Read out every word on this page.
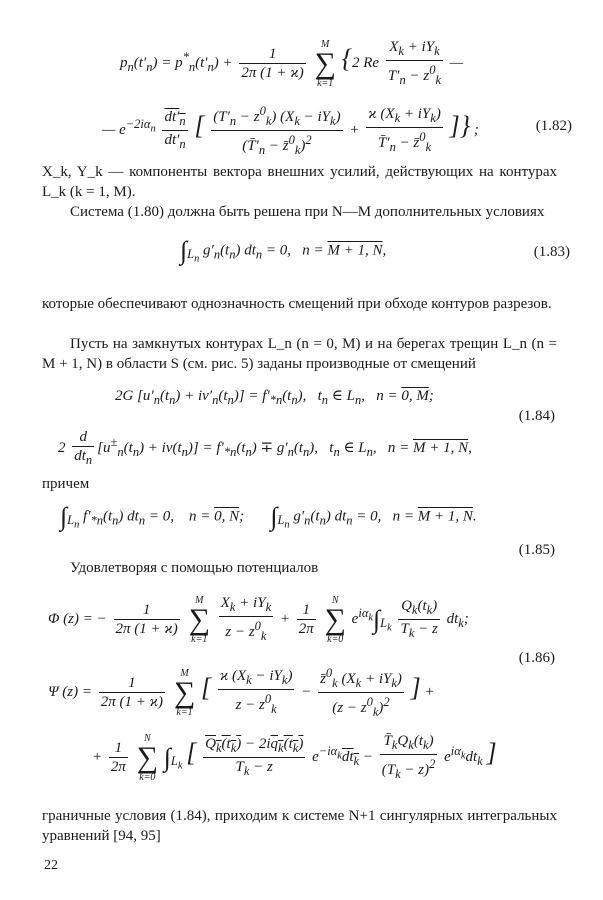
$p_n(t'_n) = p^*_n(t'_n) + \frac{1}{2\pi (1 + ϰ)}$

M
∑
k=1
{2 Re $\frac{X_k + iY_k}{T'_n - z^0_k}$ —
— $e^{-2i\alpha_n} \frac{dt'_n}{dt'_n}$ [ $\frac{(T'_n - z^0_k) (X_k - iY_k)}{(T̄'_n - z̄^0_k)^2} + \frac{ϰ (X_k + iY_k)}{T̄'_n - z̄^0_k}$ ]} ;	(1.82)
X_k, Y_k — компоненты вектора внешних усилий, действующих на контурах L_k (k = 1, M).
Система (1.80) должна быть решена при N—M дополнительных условиях
$\int_{L_n}$ $g'_n(t_n) dt_n = 0$,   n = M + 1, N,	(1.83)
которые обеспечивают однозначность смещений при обходе контуров разрезов.
Пусть на замкнутых контурах L_n (n = 0, M) и на берегах трещин L_n (n = M + 1, N) в области S (см. рис. 5) заданы производные от смещений
2G $[u'_n(t_n) + iv'_n(t_n)] = f'_{*n}(t_n)$,   $t_n$ ∈ $L_n$,   n = 0, M;
(1.84)
$2 \frac{d}{dt_n} [u^\pm_n(t_n) + iv(t_n)] = f'_{*n}(t_n) \mp g'_n(t_n)$,   $t_n$ ∈ $L_n$,   n = M + 1, N,
причем
$\int_{L_n}$ $f'_{*n}(t_n) dt_n = 0$,    n = 0, N;       $\int_{L_n}$ $g'_n(t_n) dt_n = 0$,   n = M + 1, N.
(1.85)
Удовлетворяя с помощью потенциалов
Φ (z) = − $\frac{1}{2\pi (1 + ϰ)}$

M
∑
k=1
$\frac{X_k + iY_k}{z - z^0_k} + \frac{1}{2\pi}$

N
∑
k=0
$e^{i\alpha_k}\int_{L_k} \frac{Q_k(t_k)}{T_k - z} dt_k$;
(1.86)
Ψ $(z) = \frac{1}{2\pi (1 + ϰ)}$

M
∑
k=1
[ $\frac{ϰ (X_k - iY_k)}{z - z^0_k} - \frac{z̄^0_k (X_k + iY_k)}{(z - z^0_k)^2}$ ] +
+ $\frac{1}{2\pi}$

N
∑
k=0
$\int_{L_k}$ [ $\frac{Q_k(t_k) - 2iq_k(t_k)}{T_k - z} e^{-i\alpha_k}dt_k - \frac{T̄_kQ_k(t_k)}{(T_k - z)^2} e^{i\alpha_k}dt_k$ ]
граничные условия (1.84), приходим к системе N+1 сингулярных интегральных уравнений [94, 95]
22
